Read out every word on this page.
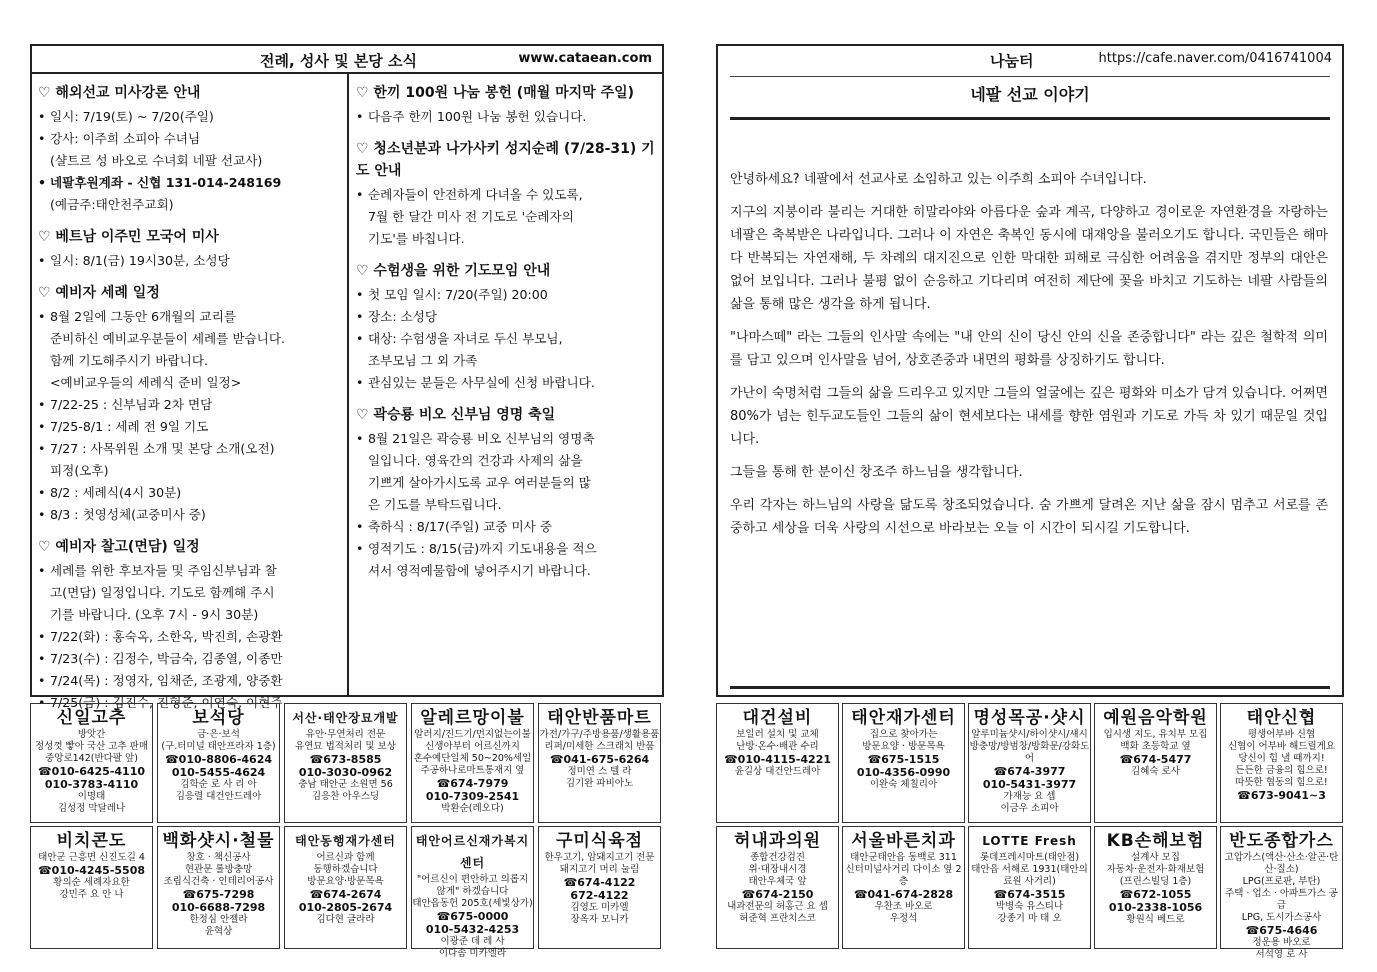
전례, 성사 및 본당 소식	www.cataean.com
♡ 해외선교 미사강론 안내
• 일시: 7/19(토) ~ 7/20(주일)
• 강사: 이주희 소피아 수녀님
(샬트르 성 바오로 수녀회 네팔 선교사)
• 네팔후원계좌 - 신협 131-014-248169
(예금주:태안천주교회)
♡ 베트남 이주민 모국어 미사
• 일시: 8/1(금) 19시30분, 소성당
♡ 예비자 세례 일정
• 8월 2일에 그동안 6개월의 교리를
준비하신 예비교우분들이 세례를 받습니다.
함께 기도해주시기 바랍니다.
<예비교우들의 세례식 준비 일정>
• 7/22-25 : 신부님과 2차 면담
• 7/25-8/1 : 세례 전 9일 기도
• 7/27 : 사목위원 소개 및 본당 소개(오전)
피정(오후)
• 8/2 : 세례식(4시 30분)
• 8/3 : 첫영성체(교중미사 중)
♡ 예비자 찰고(면담) 일정
• 세례를 위한 후보자들 및 주임신부님과 찰
고(면담) 일정입니다. 기도로 함께해 주시
기를 바랍니다. (오후 7시 - 9시 30분)
• 7/22(화) : 홍숙옥, 소한옥, 박진희, 손광환
• 7/23(수) : 김정수, 박금숙, 김종열, 이종만
• 7/24(목) : 정영자, 임채준, 조광제, 양중환
• 7/25(금) : 김진수, 진형준, 이연숙, 이현주
♡ 한끼 100원 나눔 봉헌 (매월 마지막 주일)
• 다음주 한끼 100원 나눔 봉헌 있습니다.
♡ 청소년분과 나가사키 성지순례 (7/28-31) 기도 안내
• 순례자들이 안전하게 다녀올 수 있도록,
7월 한 달간 미사 전 기도로 '순례자의
기도'를 바칩니다.
♡ 수험생을 위한 기도모임 안내
• 첫 모임 일시: 7/20(주일) 20:00
• 장소: 소성당
• 대상: 수험생을 자녀로 두신 부모님,
조부모님 그 외 가족
• 관심있는 분들은 사무실에 신청 바랍니다.
♡ 곽승룡 비오 신부님 영명 축일
• 8월 21일은 곽승룡 비오 신부님의 영명축
일입니다. 영육간의 건강과 사제의 삶을
기쁘게 살아가시도록 교우 여러분들의 많
은 기도를 부탁드립니다.
• 축하식 : 8/17(주일) 교중 미사 중
• 영적기도 : 8/15(금)까지 기도내용을 적으
셔서 영적예물함에 넣어주시기 바랍니다.
나눔터	https://cafe.naver.com/0416741004
네팔 선교 이야기

안녕하세요? 네팔에서 선교사로 소임하고 있는 이주희 소피아 수녀입니다.

지구의 지붕이라 불리는 거대한 히말라야와 아름다운 숲과 계곡, 다양하고 경이로운 자연환경을 자랑하는 네팔은 축복받은 나라입니다. 그러나 이 자연은 축복인 동시에 대재앙을 불러오기도 합니다. 국민들은 해마다 반복되는 자연재해, 두 차례의 대지진으로 인한 막대한 피해로 극심한 어려움을 겪지만 정부의 대안은 없어 보입니다. 그러나 불평 없이 순응하고 기다리며 여전히 제단에 꽃을 바치고 기도하는 네팔 사람들의 삶을 통해 많은 생각을 하게 됩니다.

"나마스떼" 라는 그들의 인사말 속에는 "내 안의 신이 당신 안의 신을 존중합니다" 라는 깊은 철학적 의미를 담고 있으며 인사말을 넘어, 상호존중과 내면의 평화를 상징하기도 합니다.

가난이 숙명처럼 그들의 삶을 드리우고 있지만 그들의 얼굴에는 깊은 평화와 미소가 담겨 있습니다. 어쩌면 80%가 넘는 힌두교도들인 그들의 삶이 현세보다는 내세를 향한 염원과 기도로 가득 차 있기 때문일 것입니다.

그들을 통해 한 분이신 창조주 하느님을 생각합니다.

우리 각자는 하느님의 사랑을 닮도록 창조되었습니다. 숨 가쁘게 달려온 지난 삶을 잠시 멈추고 서로를 존중하고 세상을 더욱 사랑의 시선으로 바라보는 오늘 이 시간이 되시길 기도합니다.

신일고추
방앗간
정성껏 빻아 국산 고추 판매
중앙로142(반다팔 앞)
☎010-6425-4110
010-3783-4110
이명태
김성정 막달레나
보석당
금·은·보석
(구.터미널 태안프라자 1층)
☎010-8806-4624
010-5455-4624
김학순 로 사 리 아
김응렬 대건안드레아
서산·태안장묘개발
유안·무연처리 전문
유연묘 법적처리 및 보상
☎673-8585
010-3030-0962
충남 태안군 소원면 56
김응찬 아우스딩
알레르망이불
알러지/진드기/먼지없는이불
신생아부터 어르신까지
혼수예단일체 50~20%세일
주공하나로마트통재지 옆
☎674-7979
010-7309-2541
박환순(레오다)
태안반품마트
가전/가구/주방용품/생활용품
리퍼/미세한 스크래치 반품
☎041-675-6264
정미연 스 텔 라
김기완 파비아노
비치콘도
태안군 근흥면 신진도길 4
☎010-4245-5508
황의순 세례자요한
강민주 요 안 나
백화샷시·철물
창호 · 책신공사
현관문 롤방충망
조립식건축 · 인테리어공사
☎675-7298
010-6688-7298
한정심 안젤라
윤혁상
태안동행재가센터
어르신과 함께
동행하겠습니다
방문요양·방문목욕
☎674-2674
010-2805-2674
김다현 글라라
태안어르신재가복지센터
"어르신이 편안하고 의롭지 않게" 하겠습니다
태안읍동헌 205호(세빛상가)
☎675-0000
010-5432-4253
이광준 데 레 사
이다솜 미카엘라
구미식육점
한우고기, 암돼지고기 전문
돼지고기 머리 눌림
☎674-4122
672-4122
김영도 미카엘
장옥자 모니카
대건설비
보일러 설치 및 교체
난방·온수·배관 수리
☎010-4115-4221
윤길상 대건안드레아
태안재가센터
집으로 찾아가는
방문요양 · 방문목욕
☎675-1515
010-4356-0990
이완숙 체칠리아
명성목공·샷시
알루미늄샷시/하이샷시/섀시
방충망/방범창/방화문/강화도어
☎674-3977
010-5431-3977
가재능 요 셉
이금우 소피아
예원음악학원
입시생 지도, 유치부 모집
백화 초등학교 옆
☎674-5477
김혜숙 로사
태안신협
평생어부바 신협
신협이 어부바 해드릴게요
당신이 힘 낼 때까지!
든든한 금융의 힘으로!
따뜻한 협동의 힘으로!
☎673-9041~3
허내과의원
종합건강검진
위·대장내시경
태안우체국 앞
☎674-2150
내과전문의 허홍근 요 셉
허준혁 프란치스코
서울바른치과
태안군태안읍 동백로 311
신터미널사거리 다이소 옆 2층
☎041-674-2828
우찬조 바오로
우정석
LOTTE Fresh
롯데프레시마트(태안점)
태안읍 서해로 1931(태안의료원 사거리)
☎674-3515
박병숙 유스티나
강종기 마 태 오
KB손해보험
설계사 모집
자동차·운전자·화재보험
(프린스빌딩 1층)
☎672-1055
010-2338-1056
황원식 베드로
반도종합가스
고압가스(액산·산소·알곤·탄산·질소)
LPG(프로판, 부탄)
주택 · 업소 · 아파트가스 공급
LPG, 도시가스공사
☎675-4646
정운용 바오로
서석영 로 사
